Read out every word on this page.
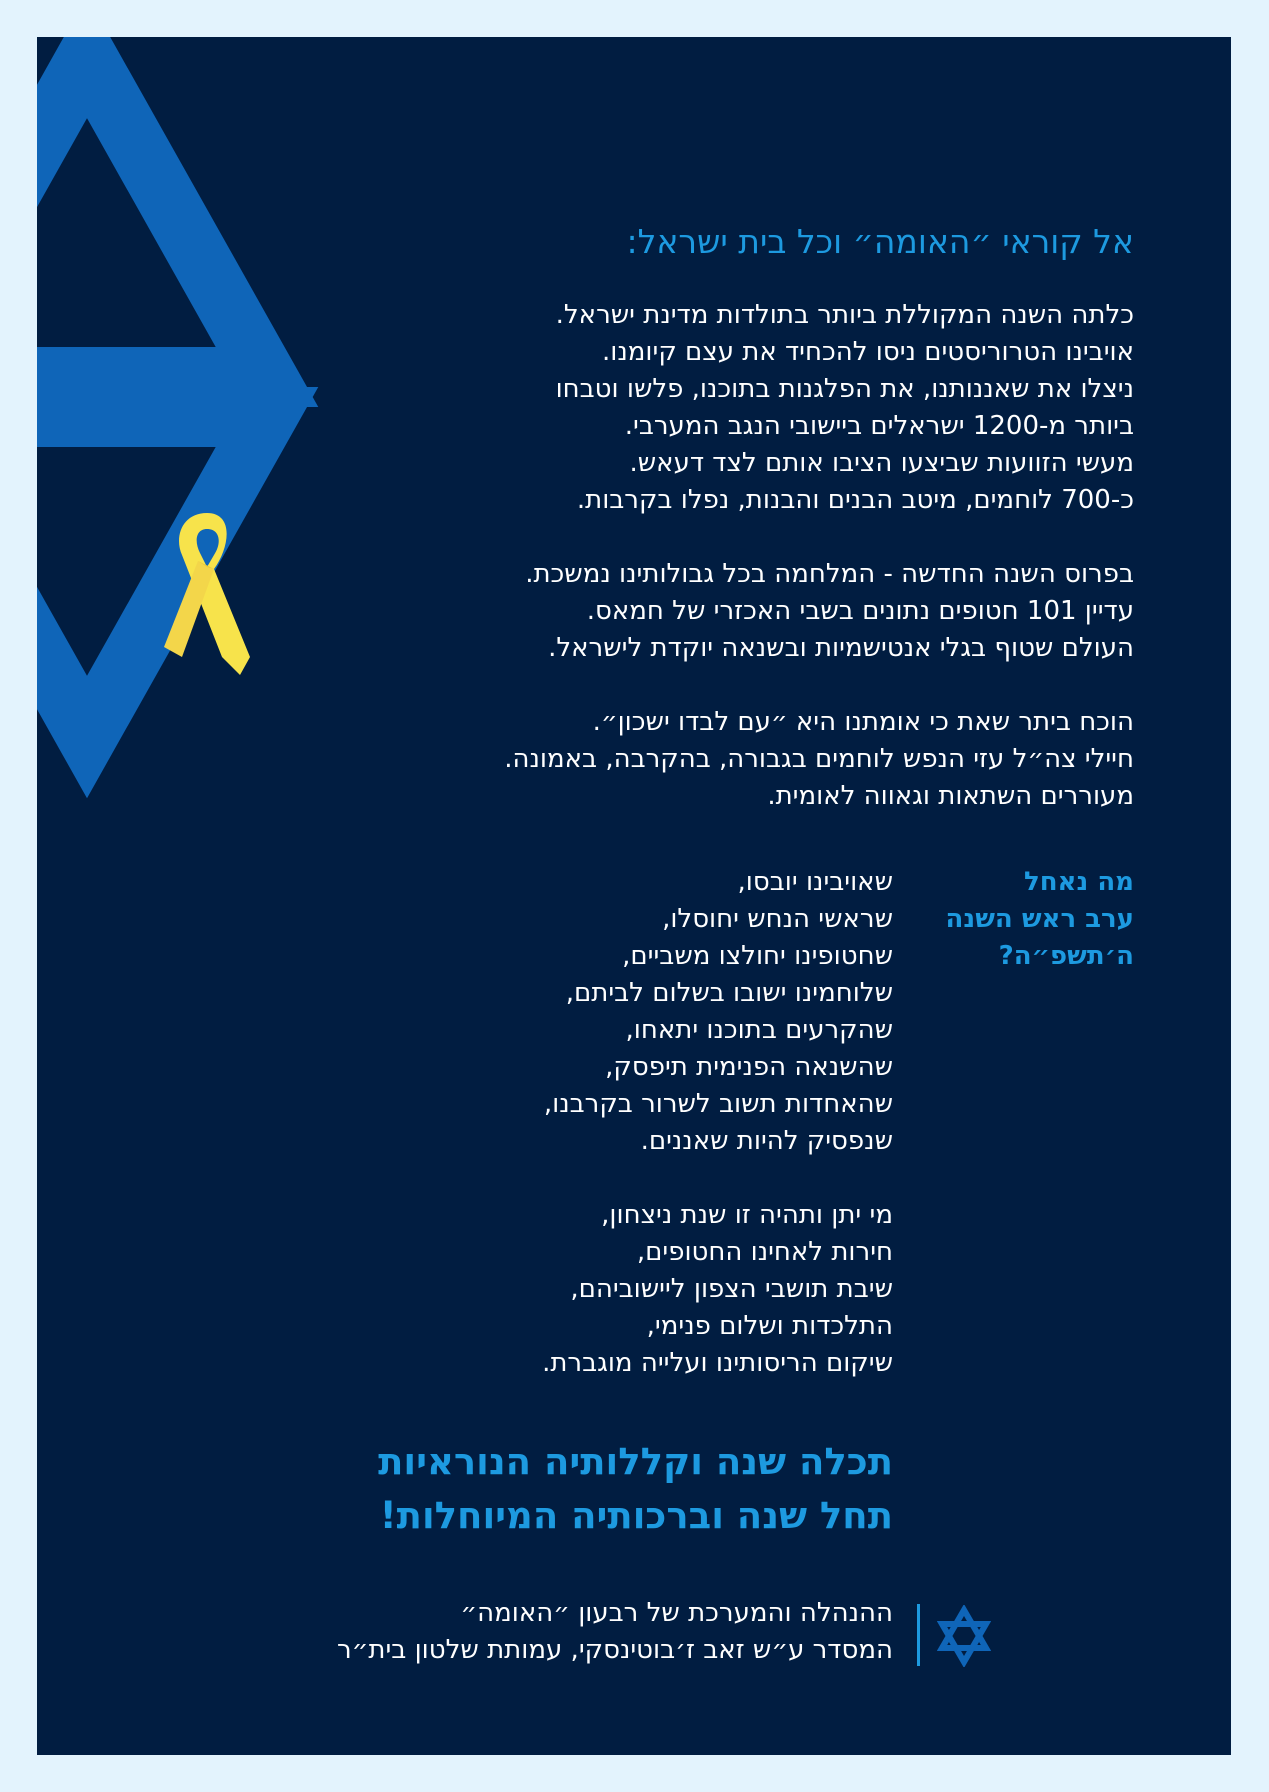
אל קוראי ״האומה״ וכל בית ישראל:
כלתה השנה המקוללת ביותר בתולדות מדינת ישראל.
אויבינו הטרוריסטים ניסו להכחיד את עצם קיומנו.
ניצלו את שאננותנו, את הפלגנות בתוכנו, פלשו וטבחו
ביותר מ-1200 ישראלים ביישובי הנגב המערבי.
מעשי הזוועות שביצעו הציבו אותם לצד דעאש.
כ-700 לוחמים, מיטב הבנים והבנות, נפלו בקרבות.
בפרוס השנה החדשה - המלחמה בכל גבולותינו נמשכת.
עדיין 101 חטופים נתונים בשבי האכזרי של חמאס.
העולם שטוף בגלי אנטישמיות ובשנאה יוקדת לישראל.
הוכח ביתר שאת כי אומתנו היא ״עם לבדו ישכון״.
חיילי צה״ל עזי הנפש לוחמים בגבורה, בהקרבה, באמונה.
מעוררים השתאות וגאווה לאומית.
מה נאחל
ערב ראש השנה
ה׳תשפ״ה?
שאויבינו יובסו,
שראשי הנחש יחוסלו,
שחטופינו יחולצו משביים,
שלוחמינו ישובו בשלום לביתם,
שהקרעים בתוכנו יתאחו,
שהשנאה הפנימית תיפסק,
שהאחדות תשוב לשרור בקרבנו,
שנפסיק להיות שאננים.
מי יתן ותהיה זו שנת ניצחון,
חירות לאחינו החטופים,
שיבת תושבי הצפון ליישוביהם,
התלכדות ושלום פנימי,
שיקום הריסותינו ועלייה מוגברת.
תכלה שנה וקללותיה הנוראיות
תחל שנה וברכותיה המיוחלות!
ההנהלה והמערכת של רבעון ״האומה״
המסדר ע״ש זאב ז׳בוטינסקי, עמותת שלטון בית״ר
